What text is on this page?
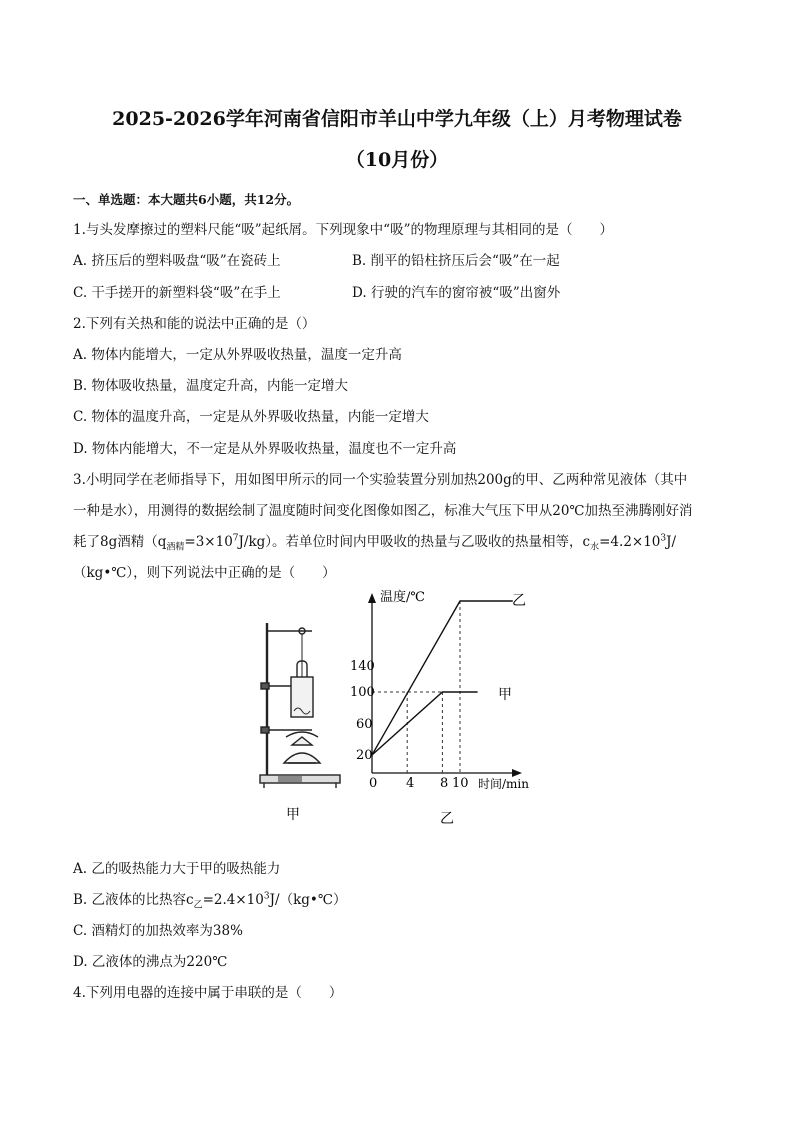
2025-2026学年河南省信阳市羊山中学九年级（上）月考物理试卷
（10月份）
一、单选题：本大题共6小题，共12分。
1.与头发摩擦过的塑料尺能“吸”起纸屑。下列现象中“吸”的物理原理与其相同的是（　　）
A. 挤压后的塑料吸盘“吸”在瓷砖上	B. 削平的铅柱挤压后会“吸”在一起
C. 干手搓开的新塑料袋“吸”在手上	D. 行驶的汽车的窗帘被“吸”出窗外
2.下列有关热和能的说法中正确的是（）
A. 物体内能增大，一定从外界吸收热量，温度一定升高
B. 物体吸收热量，温度定升高，内能一定增大
C. 物体的温度升高，一定是从外界吸收热量，内能一定增大
D. 物体内能增大，不一定是从外界吸收热量，温度也不一定升高
3.小明同学在老师指导下，用如图甲所示的同一个实验装置分别加热200g的甲、乙两种常见液体（其中
一种是水），用测得的数据绘制了温度随时间变化图像如图乙，标准大气压下甲从20℃加热至沸腾刚好消
耗了8g酒精$(q_{酒精}=3\times 10^7J/kg)$。若单位时间内甲吸收的热量与乙吸收的热量相等，$c_水=4.2\times 10^3J/$
（kg•℃），则下列说法中正确的是（　　）
温度/℃
时间/min
140
100
60
20
0 4 8 10
乙
甲
甲	乙
A. 乙的吸热能力大于甲的吸热能力
B. 乙液体的比热容$c_乙=2.4\times 10^3J/(kg•℃)$
C. 酒精灯的加热效率为38%
D. 乙液体的沸点为220℃
4.下列用电器的连接中属于串联的是（　　）
